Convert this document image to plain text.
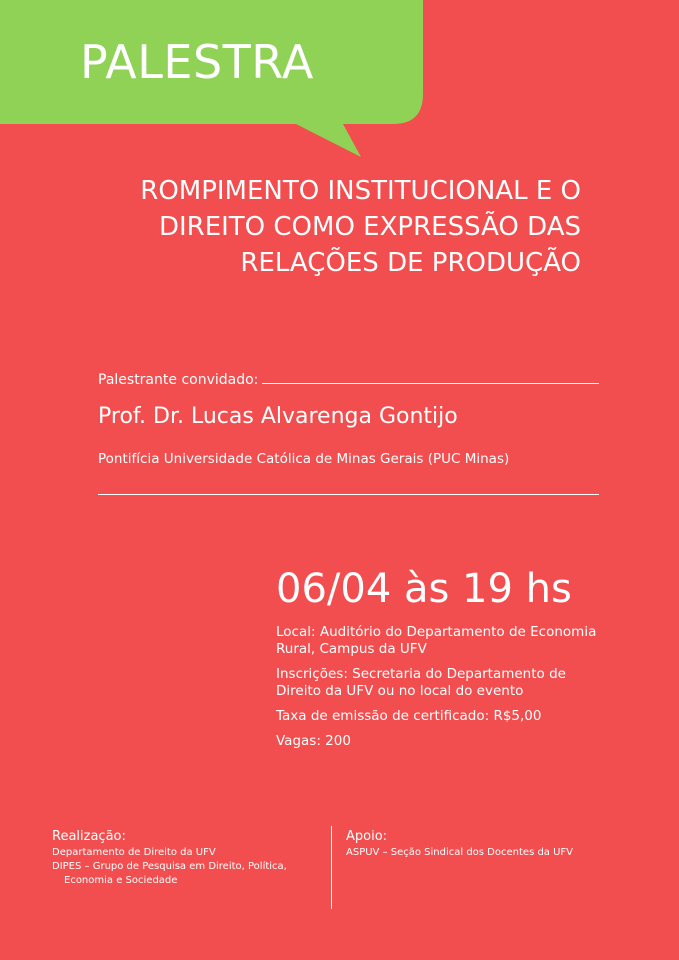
PALESTRA
ROMPIMENTO INSTITUCIONAL E O
DIREITO COMO EXPRESSÃO DAS
RELAÇÕES DE PRODUÇÃO
Palestrante convidado:
Prof. Dr. Lucas Alvarenga Gontijo

Pontifícia Universidade Católica de Minas Gerais (PUC Minas)

06/04 às 19 hs

Local: Auditório do Departamento de Economia Rural, Campus da UFV

Inscrições: Secretaria do Departamento de Direito da UFV ou no local do evento

Taxa de emissão de certificado: R$5,00

Vagas: 200

Realização:

Departamento de Direito da UFV

DIPES – Grupo de Pesquisa em Direito, Política,

Economia e Sociedade

Apoio:

ASPUV – Seção Sindical dos Docentes da UFV
